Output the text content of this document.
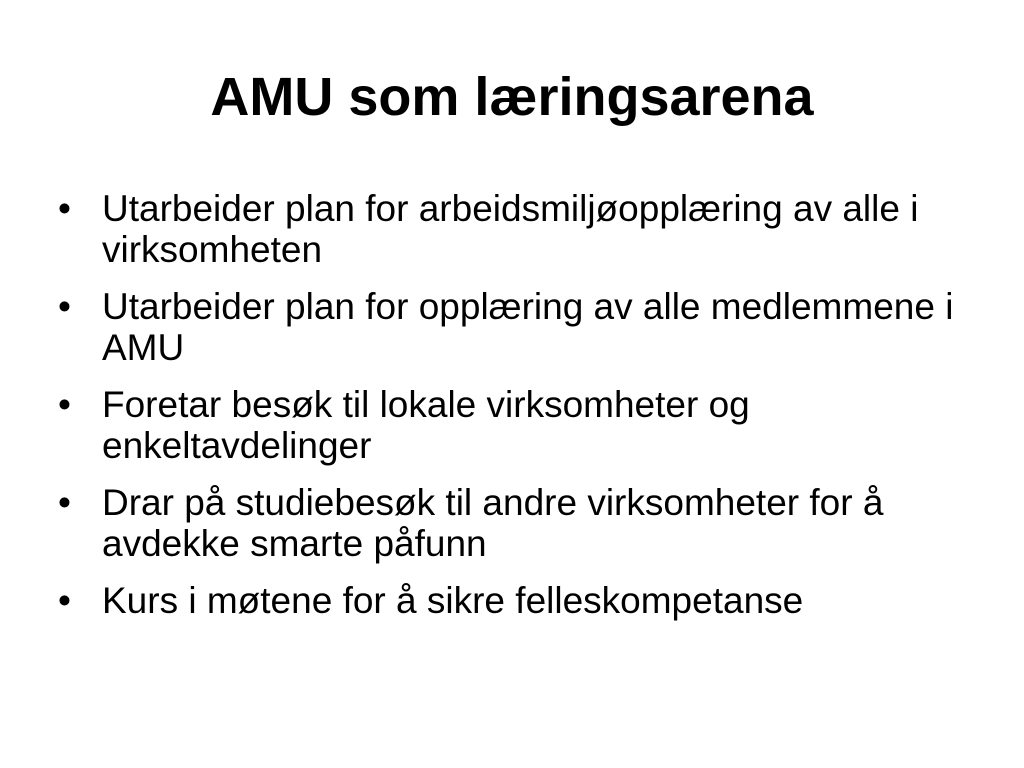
AMU som læringsarena
• Utarbeider plan for arbeidsmiljøopplæring av alle i virksomheten
• Utarbeider plan for opplæring av alle medlemmene i AMU
• Foretar besøk til lokale virksomheter og enkeltavdelinger
• Drar på studiebesøk til andre virksomheter for å avdekke smarte påfunn
• Kurs i møtene for å sikre felleskompetanse
